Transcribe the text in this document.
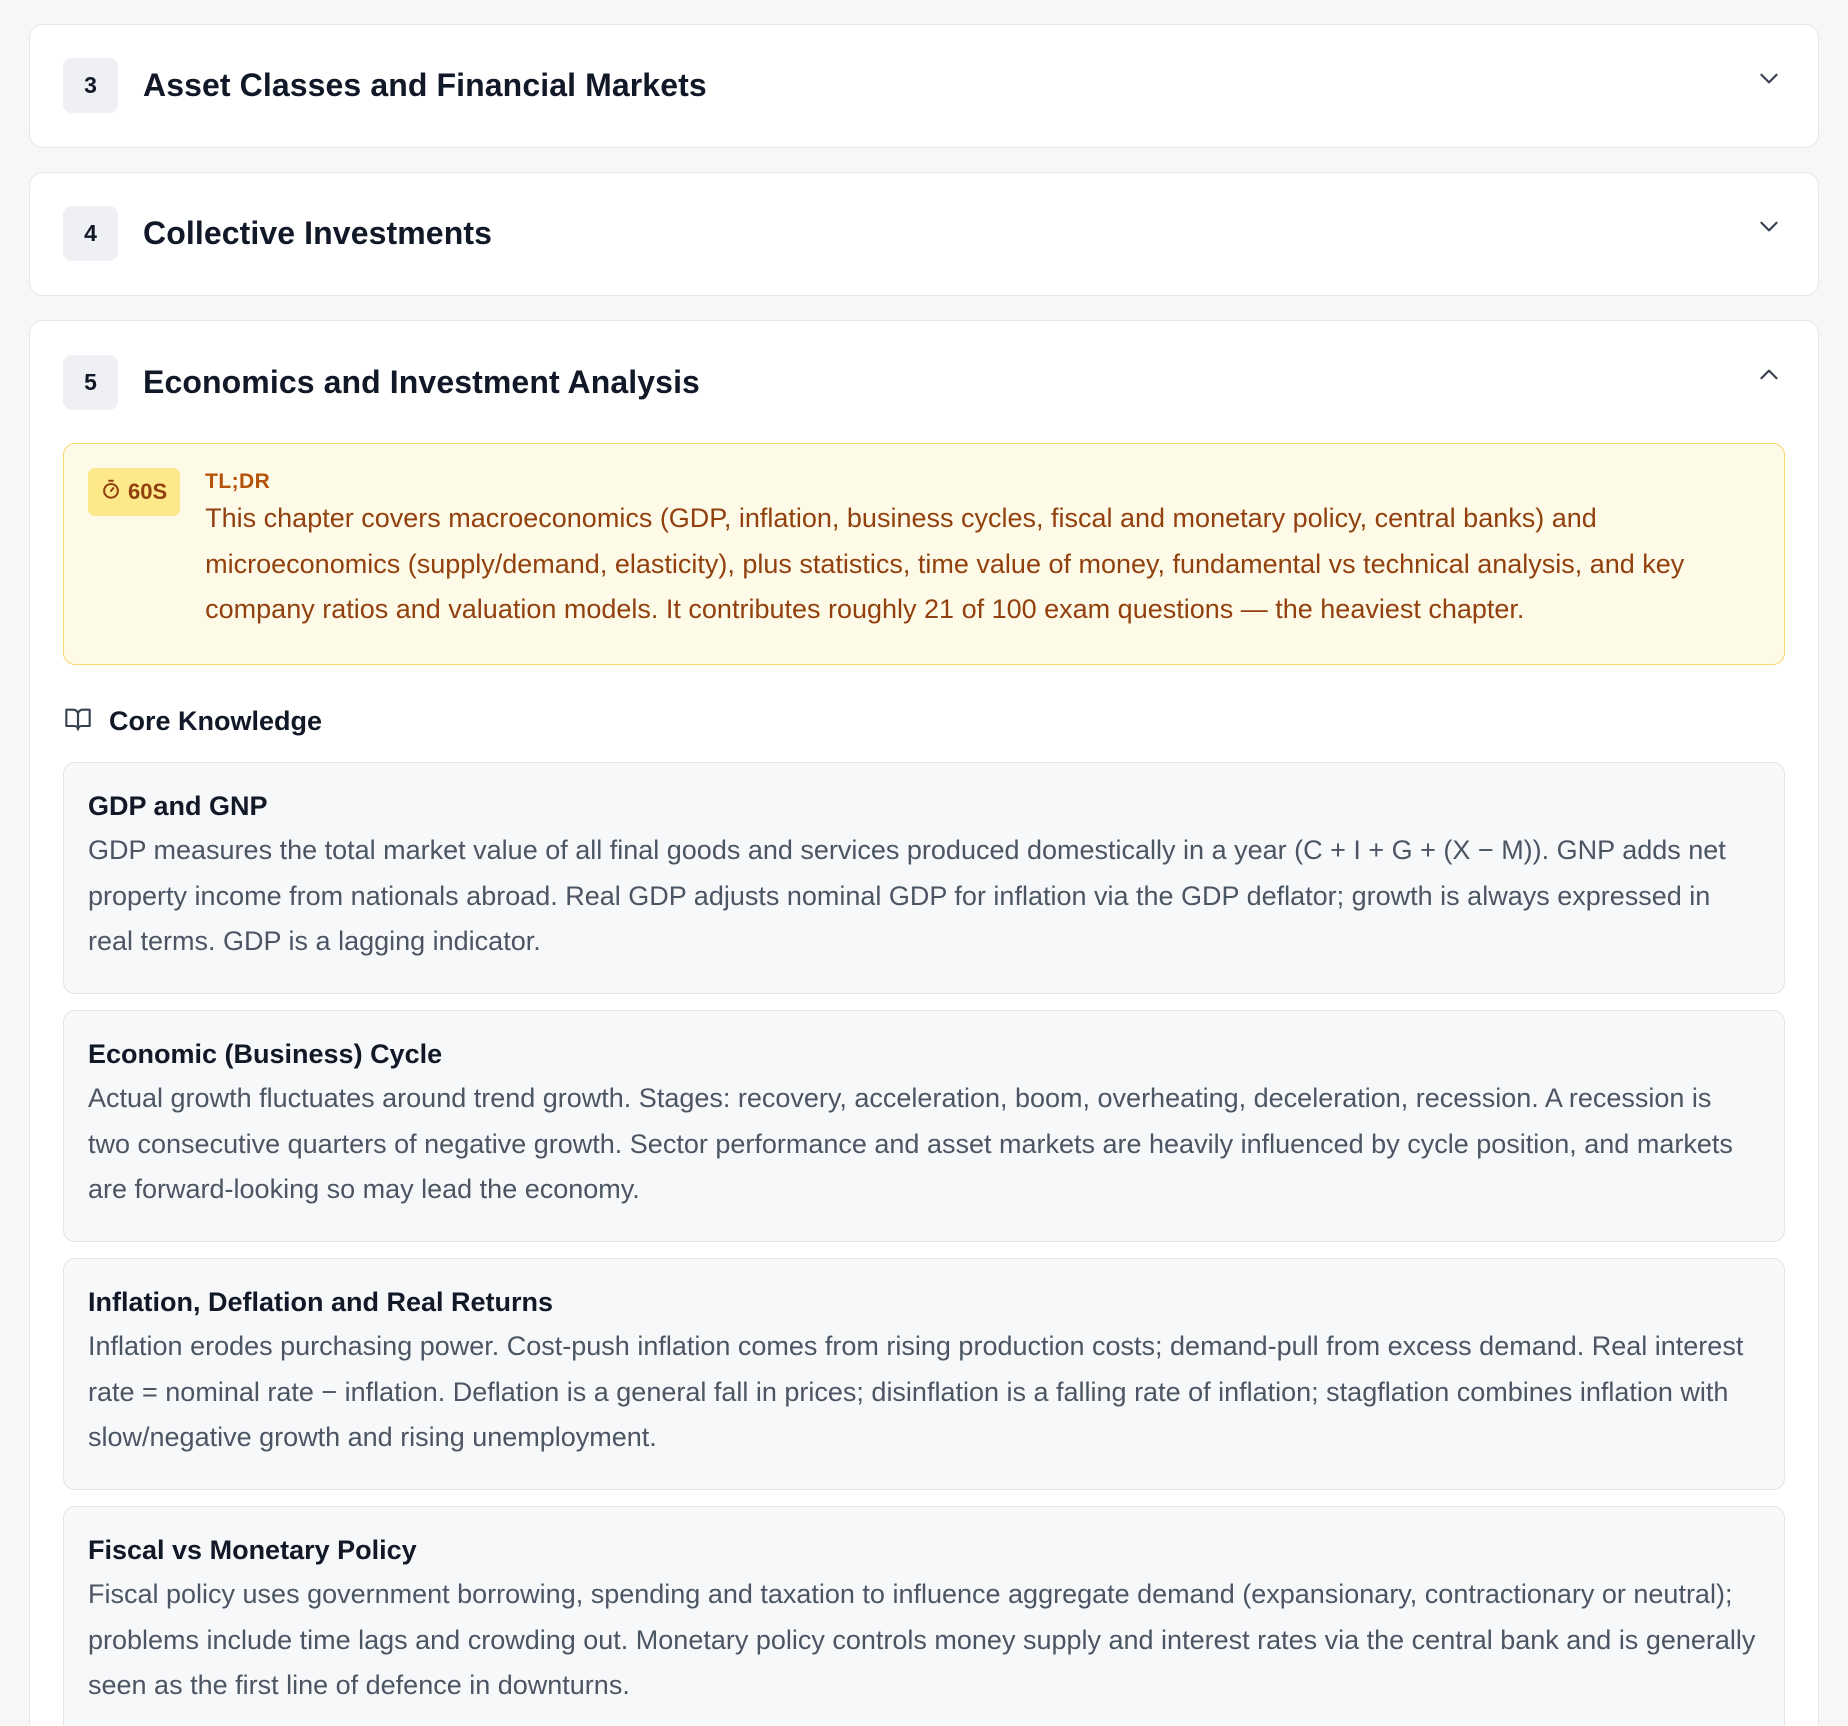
3	Asset Classes and Financial Markets
4	Collective Investments
5	Economics and Investment Analysis
60S TL;DR
This chapter covers macroeconomics (GDP, inflation, business cycles, fiscal and monetary policy, central banks) and microeconomics (supply/demand, elasticity), plus statistics, time value of money, fundamental vs technical analysis, and key company ratios and valuation models. It contributes roughly 21 of 100 exam questions — the heaviest chapter.
Core Knowledge
GDP and GNP
GDP measures the total market value of all final goods and services produced domestically in a year (C + I + G + (X − M)). GNP adds net property income from nationals abroad. Real GDP adjusts nominal GDP for inflation via the GDP deflator; growth is always expressed in real terms. GDP is a lagging indicator.
Economic (Business) Cycle
Actual growth fluctuates around trend growth. Stages: recovery, acceleration, boom, overheating, deceleration, recession. A recession is two consecutive quarters of negative growth. Sector performance and asset markets are heavily influenced by cycle position, and markets are forward-looking so may lead the economy.
Inflation, Deflation and Real Returns
Inflation erodes purchasing power. Cost-push inflation comes from rising production costs; demand-pull from excess demand. Real interest rate = nominal rate − inflation. Deflation is a general fall in prices; disinflation is a falling rate of inflation; stagflation combines inflation with slow/negative growth and rising unemployment.
Fiscal vs Monetary Policy
Fiscal policy uses government borrowing, spending and taxation to influence aggregate demand (expansionary, contractionary or neutral); problems include time lags and crowding out. Monetary policy controls money supply and interest rates via the central bank and is generally seen as the first line of defence in downturns.
